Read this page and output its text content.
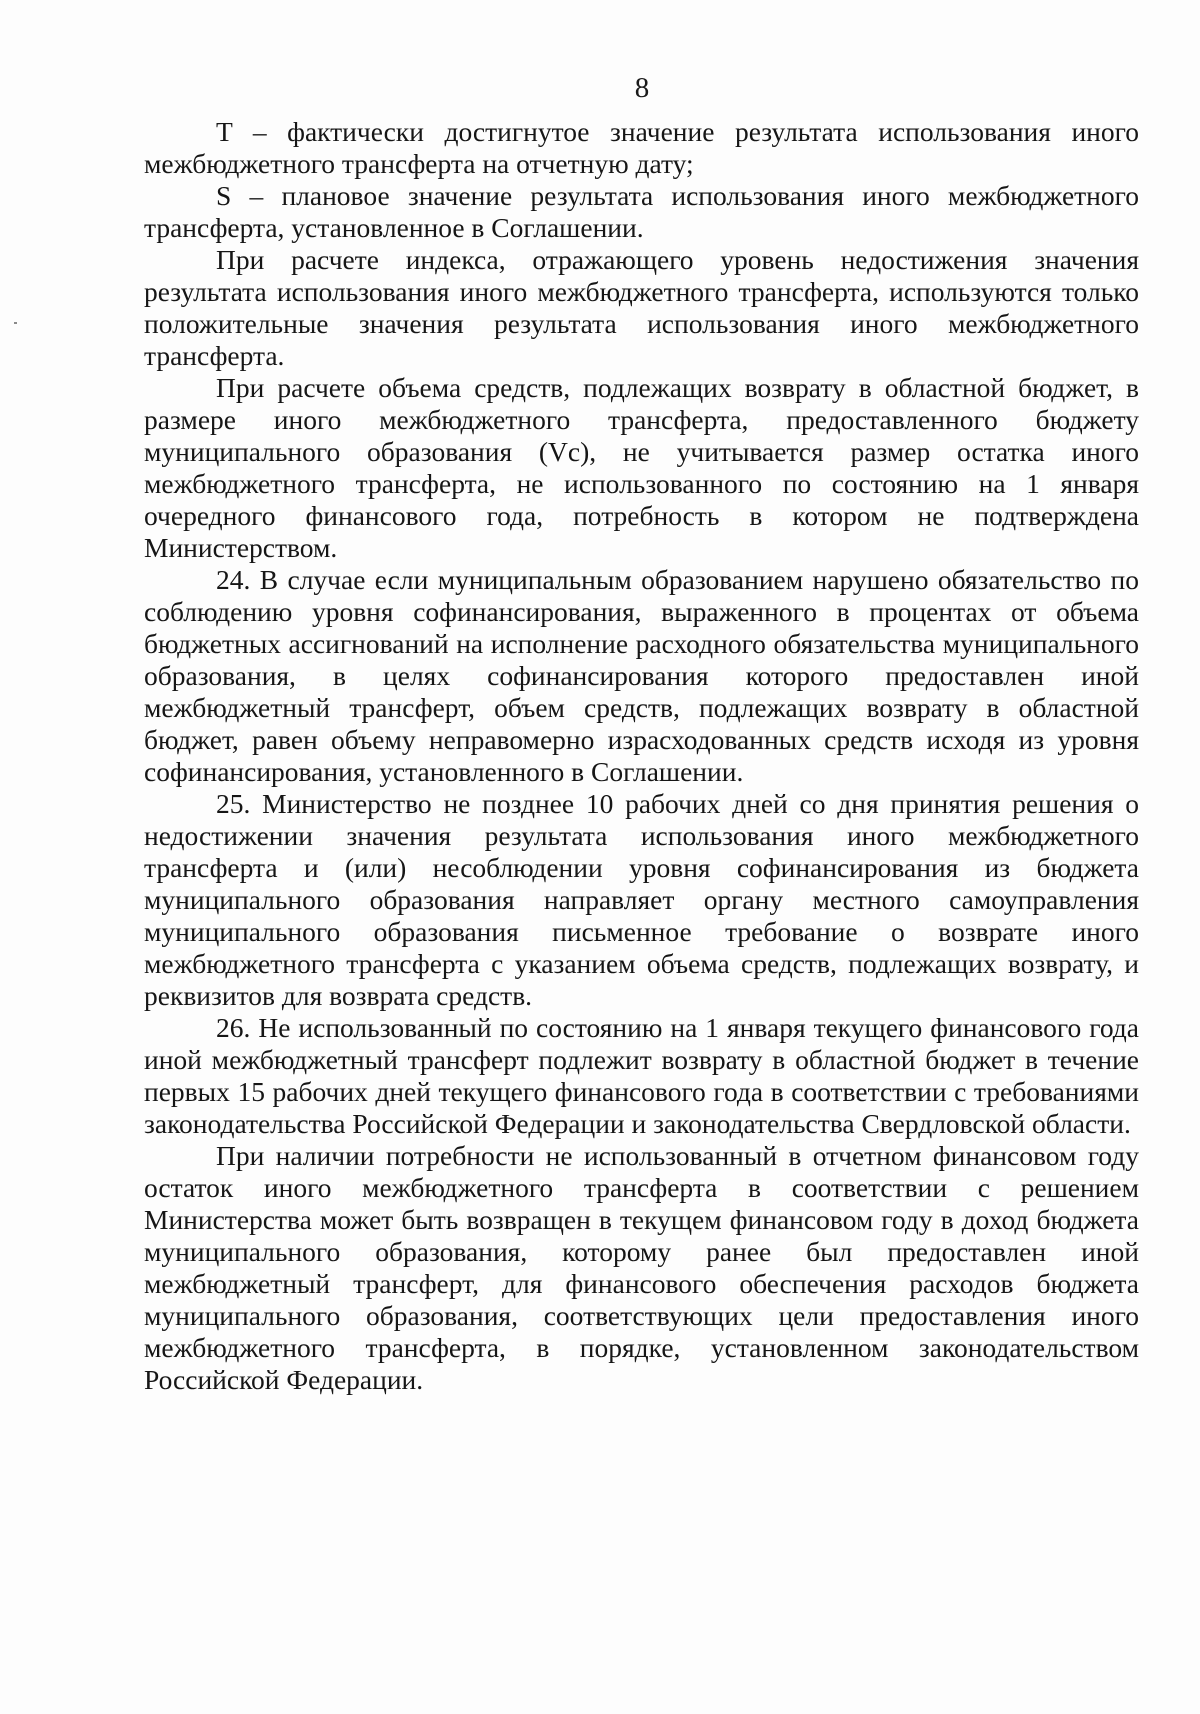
8

T – фактически достигнутое значение результата использования иного межбюджетного трансферта на отчетную дату;

S – плановое значение результата использования иного межбюджетного трансферта, установленное в Соглашении.

При расчете индекса, отражающего уровень недостижения значения результата использования иного межбюджетного трансферта, используются только положительные значения результата использования иного межбюджетного трансферта.

При расчете объема средств, подлежащих возврату в областной бюджет, в размере иного межбюджетного трансферта, предоставленного бюджету муниципального образования (Vc), не учитывается размер остатка иного межбюджетного трансферта, не использованного по состоянию на 1 января очередного финансового года, потребность в котором не подтверждена Министерством.

24. В случае если муниципальным образованием нарушено обязательство по соблюдению уровня софинансирования, выраженного в процентах от объема бюджетных ассигнований на исполнение расходного обязательства муниципального образования, в целях софинансирования которого предоставлен иной межбюджетный трансферт, объем средств, подлежащих возврату в областной бюджет, равен объему неправомерно израсходованных средств исходя из уровня софинансирования, установленного в Соглашении.

25. Министерство не позднее 10 рабочих дней со дня принятия решения о недостижении значения результата использования иного межбюджетного трансферта и (или) несоблюдении уровня софинансирования из бюджета муниципального образования направляет органу местного самоуправления муниципального образования письменное требование о возврате иного межбюджетного трансферта с указанием объема средств, подлежащих возврату, и реквизитов для возврата средств.

26. Не использованный по состоянию на 1 января текущего финансового года иной межбюджетный трансферт подлежит возврату в областной бюджет в течение первых 15 рабочих дней текущего финансового года в соответствии с требованиями законодательства Российской Федерации и законодательства Свердловской области.

При наличии потребности не использованный в отчетном финансовом году остаток иного межбюджетного трансферта в соответствии с решением Министерства может быть возвращен в текущем финансовом году в доход бюджета муниципального образования, которому ранее был предоставлен иной межбюджетный трансферт, для финансового обеспечения расходов бюджета муниципального образования, соответствующих цели предоставления иного межбюджетного трансферта, в порядке, установленном законодательством Российской Федерации.
